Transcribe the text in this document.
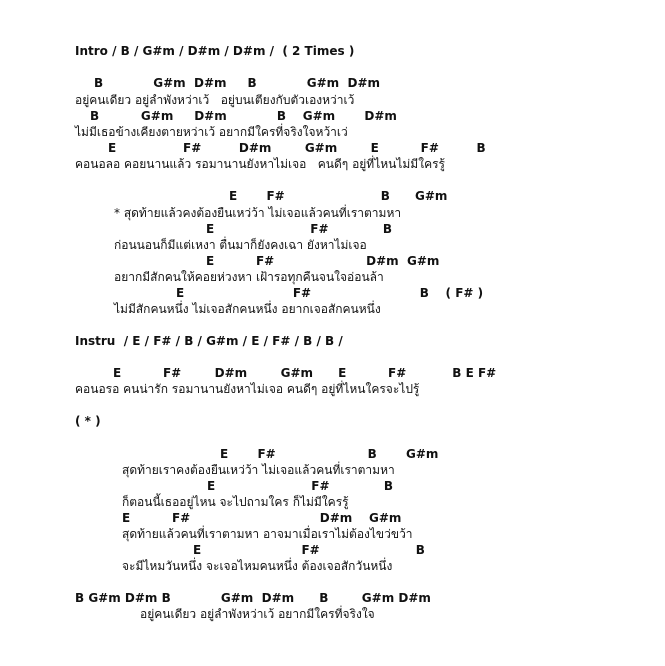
Intro / B / G#m / D#m / D#m /  ( 2 Times )
B            G#m  D#m     B            G#m  D#m
อยู่คนเดียว อยู่ลำพังหว่าเว้   อยู่บนเตียงกับตัวเองหว่าเว้
B          G#m     D#m            B    G#m       D#m
ไม่มีเธอข้างเคียงตายหว่าเว้ อยากมีใครที่จริงใจหว้าเว่
E                F#         D#m        G#m        E          F#         B
คอนอลอ คอยนานแล้ว รอมานานยังหาไม่เจอ   คนดีๆ อยู่ที่ไหนไม่มีใครรู้
E       F#                       B      G#m
* สุดท้ายแล้วคงต้องยืนเหว่ว้า ไม่เจอแล้วคนที่เราตามหา
E                       F#             B
ก่อนนอนก็มีแต่เหงา ตื่นมาก็ยังคงเฉา ยังหาไม่เจอ
E          F#                      D#m  G#m
อยากมีสักคนให้คอยห่วงหา เฝ้ารอทุกคืนจนใจอ่อนล้า
E                          F#                          B    ( F# )
ไม่มีสักคนหนึ่ง ไม่เจอสักคนหนึ่ง อยากเจอสักคนหนึ่ง
Instru  / E / F# / B / G#m / E / F# / B / B /
E          F#        D#m        G#m      E          F#           B E F#
คอนอรอ คนน่ารัก รอมานานยังหาไม่เจอ คนดีๆ อยู่ที่ไหนใครจะไปรู้
( * )
E       F#                      B       G#m
สุดท้ายเราคงต้องยืนเหว่ว้า ไม่เจอแล้วคนที่เราตามหา
E                       F#             B
ก็ตอนนี้เธออยู่ไหน จะไปถามใคร ก็ไม่มีใครรู้
E          F#                               D#m    G#m
สุดท้ายแล้วคนที่เราตามหา อาจมาเมื่อเราไม่ต้องไขว่ขว้า
E                        F#                       B
จะมีไหมวันหนึ่ง จะเจอไหมคนหนึ่ง ต้องเจอสักวันหนึ่ง
B G#m D#m B            G#m  D#m      B        G#m D#m
อยู่คนเดียว อยู่ลำพังหว่าเว้ อยากมีใครที่จริงใจ
